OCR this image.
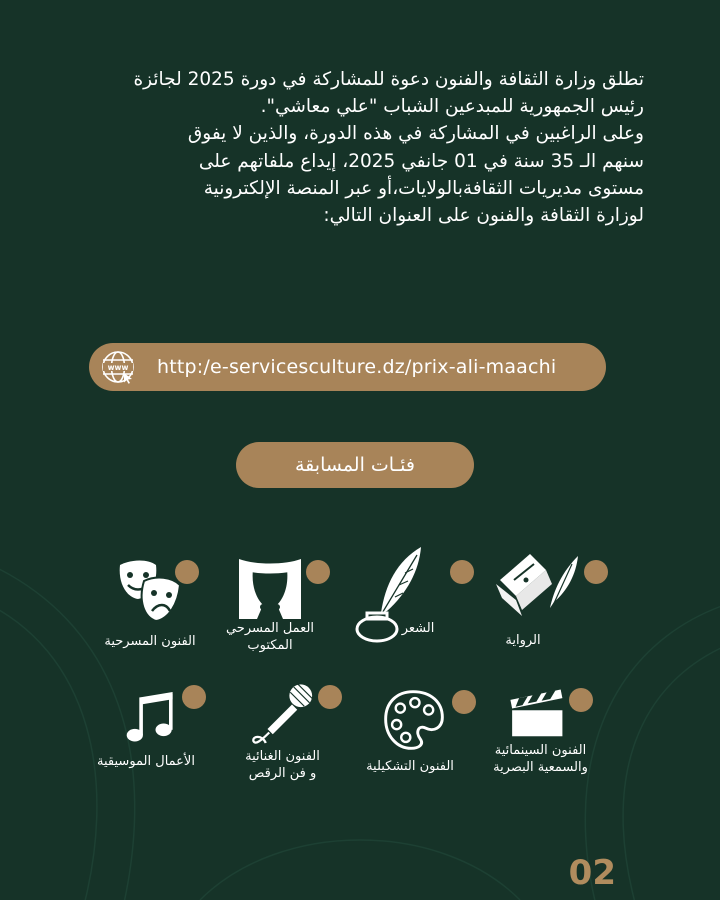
تطلق وزارة الثقافة والفنون دعوة للمشاركة في دورة 2025 لجائزة

رئيس الجمهورية للمبدعين الشباب "علي معاشي".

وعلى الراغبين في المشاركة في هذه الدورة، والذين لا يفوق

سنهم الـ 35 سنة في 01 جانفي 2025، إيداع ملفاتهم على

مستوى مديريات الثقافةبالولايات،أو عبر المنصة الإلكترونية

لوزارة الثقافة والفنون على العنوان التالي:

www http:/e-servicesculture.dz/prix-ali-maachi
فئـات المسابقة
الرواية
الشعر
العمل المسرحي
المكتوب
الفنون المسرحية
الفنون السينمائية
والسمعية البصرية
الفنون التشكيلية
الفنون الغنائية
و فن الرقص
الأعمال الموسيقية
02
